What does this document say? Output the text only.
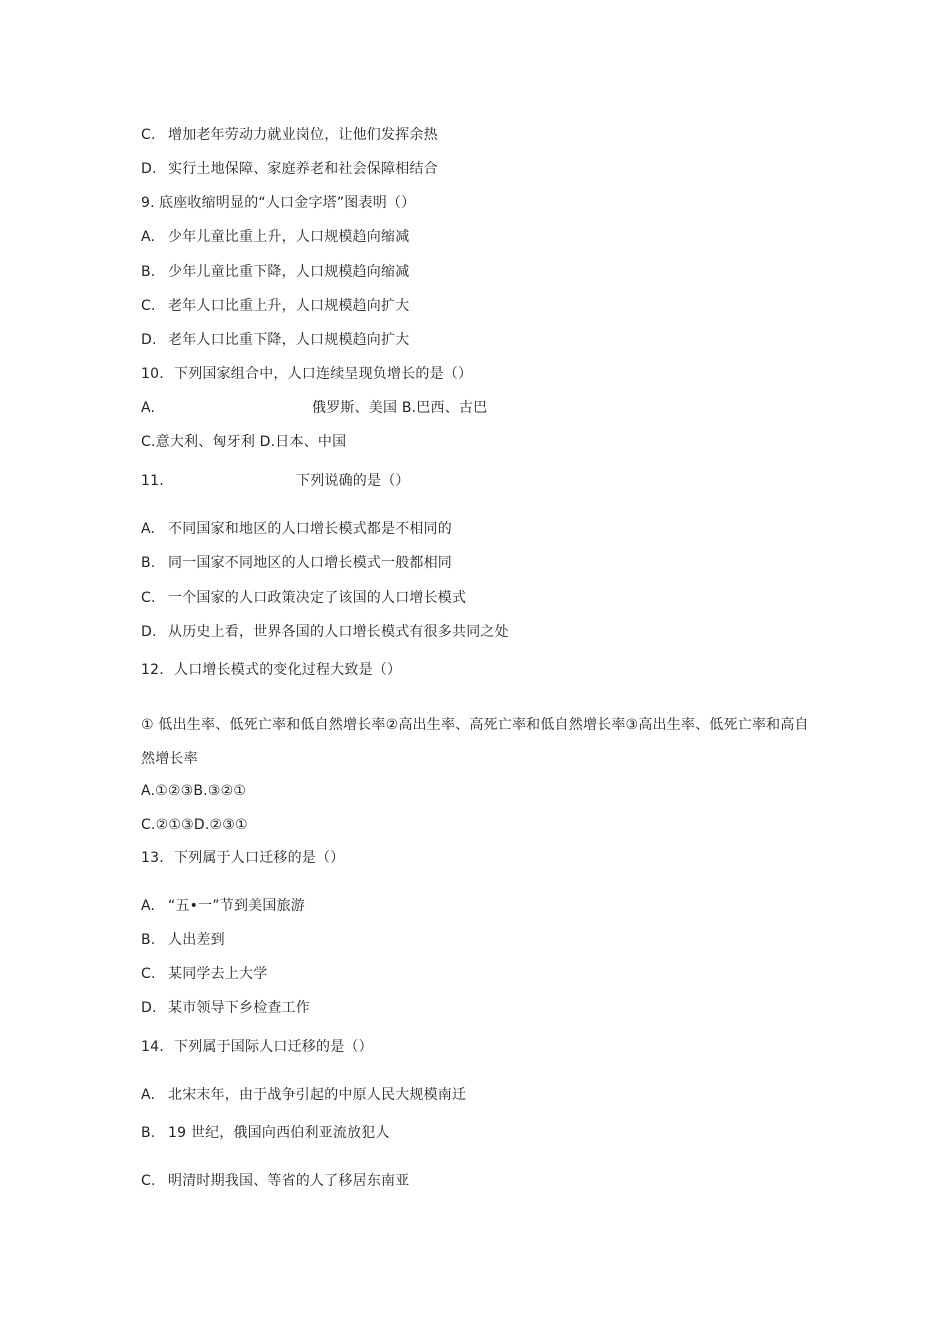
C. 增加老年劳动力就业岗位，让他们发挥余热
D. 实行土地保障、家庭养老和社会保障相结合
9. 底座收缩明显的“人口金字塔”图表明（）
A. 少年儿童比重上升，人口规模趋向缩减
B. 少年儿童比重下降，人口规模趋向缩减
C. 老年人口比重上升，人口规模趋向扩大
D. 老年人口比重下降，人口规模趋向扩大
10. 下列国家组合中，人口连续呈现负增长的是（）
A.	俄罗斯、美国 B.巴西、古巴
C.意大利、匈牙利 D.日本、中国
11.	下列说确的是（）
A. 不同国家和地区的人口增长模式都是不相同的
B. 同一国家不同地区的人口增长模式一般都相同
C. 一个国家的人口政策决定了该国的人口增长模式
D. 从历史上看，世界各国的人口增长模式有很多共同之处
12. 人口增长模式的变化过程大致是（）
① 低出生率、低死亡率和低自然增长率②高出生率、高死亡率和低自然增长率③高出生率、低死亡率和高自然增长率
A.①②③B.③②①
C.②①③D.②③①
13. 下列属于人口迁移的是（）
A. “五•一”节到美国旅游
B. 人出差到
C. 某同学去上大学
D. 某市领导下乡检查工作
14. 下列属于国际人口迁移的是（）
A. 北宋末年，由于战争引起的中原人民大规模南迁
B. 19 世纪，俄国向西伯利亚流放犯人
C. 明清时期我国、等省的人了移居东南亚
